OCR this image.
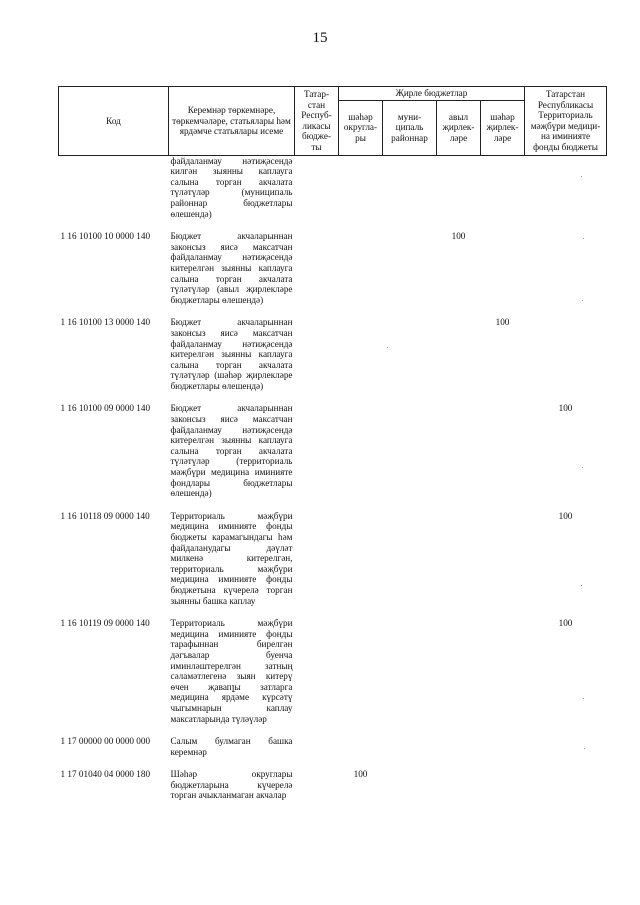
15
Код	Керемнәр төркемнәре, төркемчәләре, статьялары һәм ярдәмче статьялары исеме	Татар-стан Респуб-ликасы бюдже-ты	Җирле бюджетлар				Татарстан Республикасы Территориаль мәҗбүри медици-на иминияте фонды бюджеты
			шәһәр округла-ры	муни-ципаль районнар	авыл җирлек-ләре	шәһәр җирлек-ләре	
	файдаланмау нәтиҗәсендә килгән зыянны каплауга салына торган акчалата түләтүләр (муниципаль районнар бюджетлары өлешендә)						
1 16 10100 10 0000 140	Бюджет акчаларыннан законсыз яисә максатчан файдаланмау нәтиҗәсендә китерелгән зыянны каплауга салына торган акчалата түләтүләр (авыл җирлекләре бюджетлары өлешендә)				100		
1 16 10100 13 0000 140	Бюджет акчаларыннан законсыз яисә максатчан файдаланмау нәтиҗәсендә китерелгән зыянны каплауга салына торган акчалата түләтүләр (шәһәр җирлекләре бюджетлары өлешендә)					100	
1 16 10100 09 0000 140	Бюджет акчаларыннан законсыз яисә максатчан файдаланмау нәтиҗәсендә китерелгән зыянны каплауга салына торган акчалата түләтүләр (территориаль мәҗбүри медицина иминияте фондлары бюджетлары өлешендә)						100
1 16 10118 09 0000 140	Территориаль мәҗбүри медицина иминияте фонды бюджеты карамагындагы һәм файдаланудагы дәүләт милкенә китерелгән, территориаль мәҗбүри медицина иминияте фонды бюджетына күчерелә торган зыянны башка каплау						100
1 16 10119 09 0000 140	Территориаль мәҗбүри медицина иминияте фонды тарафыннан бирелгән дәгъвалар буенча иминләштерелгән затның сәламәтлегенә зыян китерү өчен җавапլы затларга медицина ярдәме күрсәтү чыгымнарын каплау максатларында түләүләр						100
1 17 00000 00 0000 000	Салым булмаган башка керемнәр						
1 17 01040 04 0000 180	Шәһәр округлары бюджетларына күчерелә торган ачыкланмаган акчалар		100				
